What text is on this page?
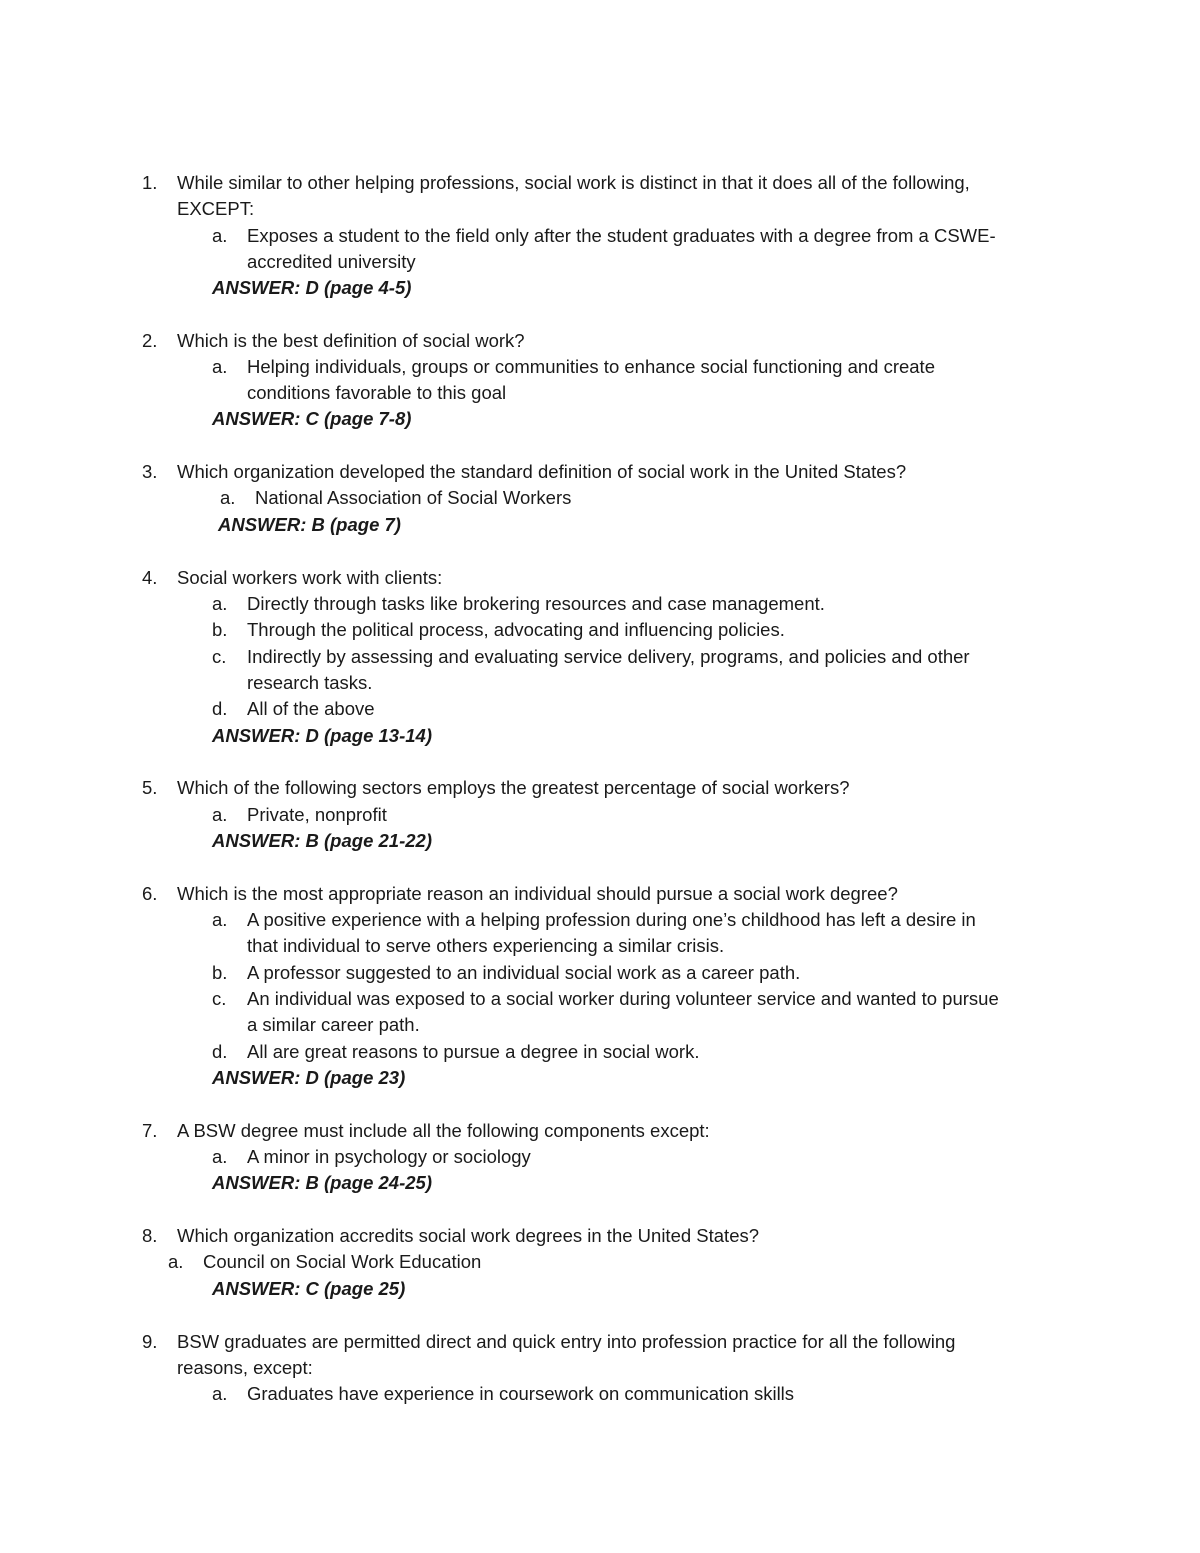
1. While similar to other helping professions, social work is distinct in that it does all of the following,
EXCEPT:
a. Exposes a student to the field only after the student graduates with a degree from a CSWE-
accredited university
ANSWER: D (page 4-5)
2. Which is the best definition of social work?
a. Helping individuals, groups or communities to enhance social functioning and create
conditions favorable to this goal
ANSWER: C (page 7-8)
3. Which organization developed the standard definition of social work in the United States?
a. National Association of Social Workers
ANSWER: B (page 7)
4. Social workers work with clients:
a. Directly through tasks like brokering resources and case management.
b. Through the political process, advocating and influencing policies.
c. Indirectly by assessing and evaluating service delivery, programs, and policies and other
research tasks.
d. All of the above
ANSWER: D (page 13-14)
5. Which of the following sectors employs the greatest percentage of social workers?
a. Private, nonprofit
ANSWER: B (page 21-22)
6. Which is the most appropriate reason an individual should pursue a social work degree?
a. A positive experience with a helping profession during one’s childhood has left a desire in
that individual to serve others experiencing a similar crisis.
b. A professor suggested to an individual social work as a career path.
c. An individual was exposed to a social worker during volunteer service and wanted to pursue
a similar career path.
d. All are great reasons to pursue a degree in social work.
ANSWER: D (page 23)
7. A BSW degree must include all the following components except:
a. A minor in psychology or sociology
ANSWER: B (page 24-25)
8. Which organization accredits social work degrees in the United States?
a. Council on Social Work Education
ANSWER: C (page 25)
9. BSW graduates are permitted direct and quick entry into profession practice for all the following
reasons, except:
a. Graduates have experience in coursework on communication skills
